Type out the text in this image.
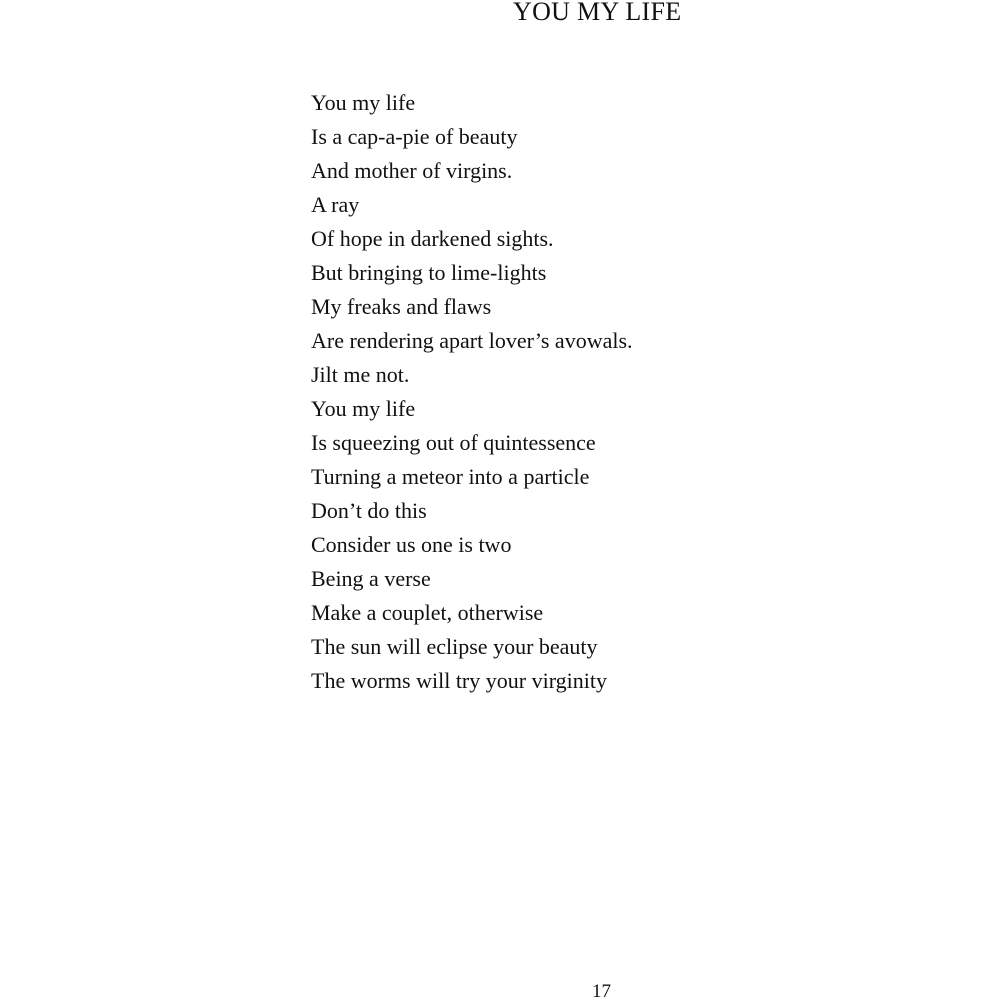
YOU MY LIFE
You my life
Is a cap-a-pie of beauty
And mother of virgins.
A ray
Of hope in darkened sights.
But bringing to lime-lights
My freaks and flaws
Are rendering apart lover’s avowals.
Jilt me not.
You my life
Is squeezing out of quintessence
Turning a meteor into a particle
Don’t do this
Consider us one is two
Being a verse
Make a couplet, otherwise
The sun will eclipse your beauty
The worms will try your virginity
17
